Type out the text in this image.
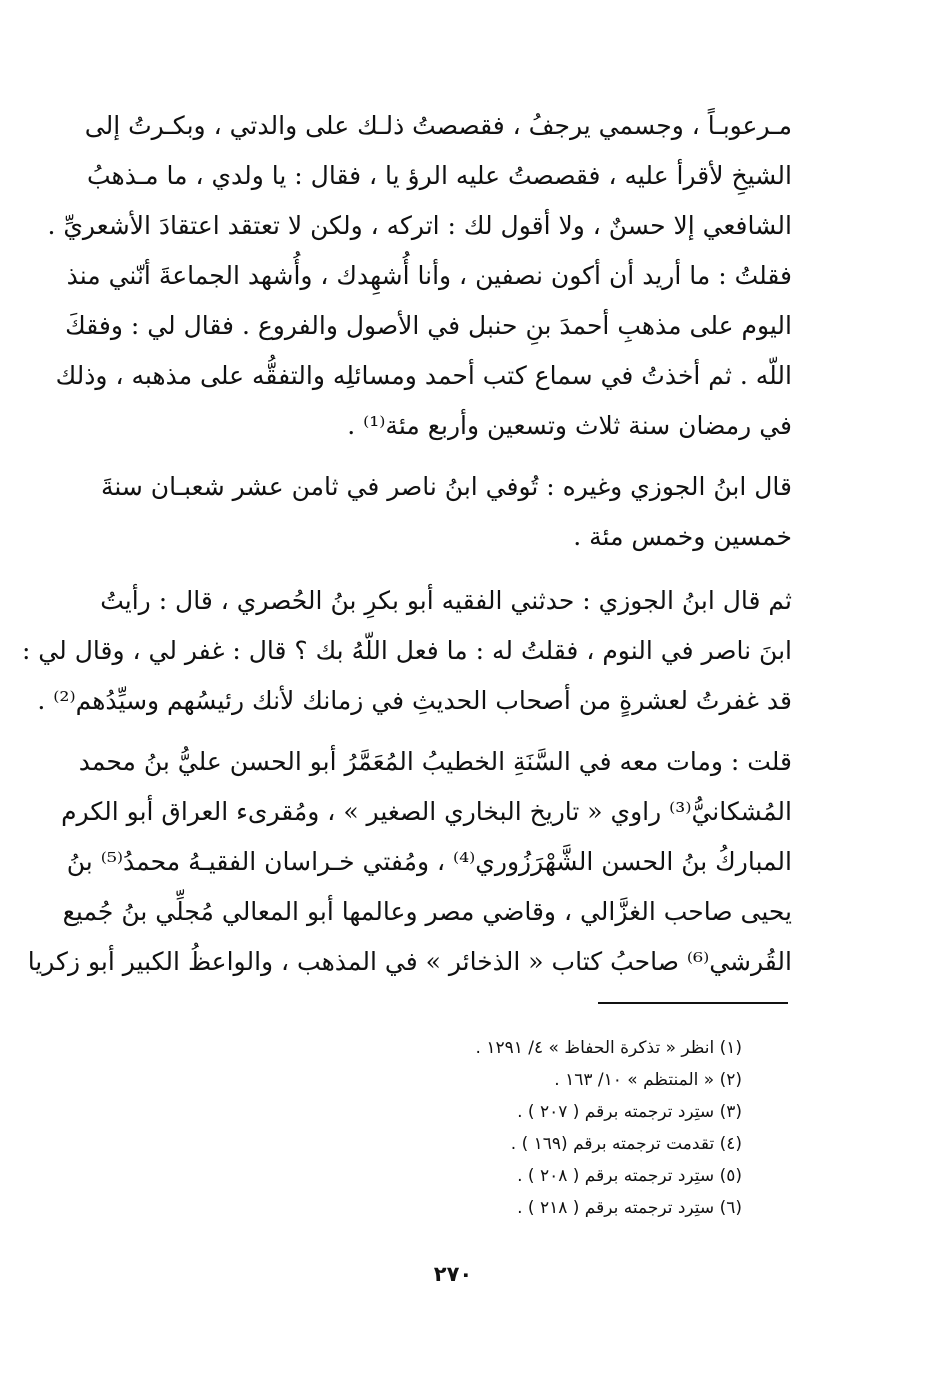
مـرعوبـاً ، وجسمي يرجفُ ، فقصصتُ ذلـك على والدتي ، وبكـرتُ إلى
الشيخِ لأقرأ عليه ، فقصصتُ عليه الرؤ يا ، فقال : يا ولدي ، ما مـذهبُ
الشافعي إلا حسنٌ ، ولا أقول لك : اتركه ، ولكن لا تعتقد اعتقادَ الأشعريِّ .
فقلتُ : ما أريد أن أكون نصفين ، وأنا أُشهِدك ، وأُشهد الجماعةَ أنّني منذ
اليوم على مذهبِ أحمدَ بنِ حنبل في الأصول والفروع . فقال لي : وفقكَ
اللّه . ثم أخذتُ في سماع كتب أحمد ومسائلِه والتفقُّه على مذهبه ، وذلك
في رمضان سنة ثلاث وتسعين وأربع مئة⁽¹⁾ .
قال ابنُ الجوزي وغيره : تُوفي ابنُ ناصر في ثامن عشر شعبـان سنةَ
خمسين وخمس مئة .
ثم قال ابنُ الجوزي : حدثني الفقيه أبو بكرِ بنُ الحُصري ، قال : رأيتُ
ابنَ ناصر في النوم ، فقلتُ له : ما فعل اللّهُ بك ؟ قال : غفر لي ، وقال لي :
قد غفرتُ لعشرةٍ من أصحاب الحديثِ في زمانك لأنك رئيسُهم وسيِّدُهم⁽²⁾ .
قلت : ومات معه في السَّنَةِ الخطيبُ المُعَمَّرُ أبو الحسن عليُّ بنُ محمد
المُشكانيُّ⁽³⁾ راوي « تاريخ البخاري الصغير » ، ومُقرىء العراق أبو الكرم
المباركُ بنُ الحسن الشَّهْرَزُوري⁽⁴⁾ ، ومُفتي خـراسان الفقيـهُ محمدُ⁽⁵⁾ بنُ
يحيى صاحب الغزَّالي ، وقاضي مصر وعالمها أبو المعالي مُجلِّي بنُ جُميع
القُرشي⁽⁶⁾ صاحبُ كتاب « الذخائر » في المذهب ، والواعظُ الكبير أبو زكريا
(١) انظر « تذكرة الحفاظ » ٤/ ١٢٩١ .
(٢) « المنتظم » ١٠/ ١٦٣ .
(٣) ستِرد ترجمته برقم ( ٢٠٧ ) .
(٤) تقدمت ترجمته برقم (١٦٩ ) .
(٥) ستِرد ترجمته برقم ( ٢٠٨ ) .
(٦) ستِرد ترجمته برقم ( ٢١٨ ) .
٢٧٠
